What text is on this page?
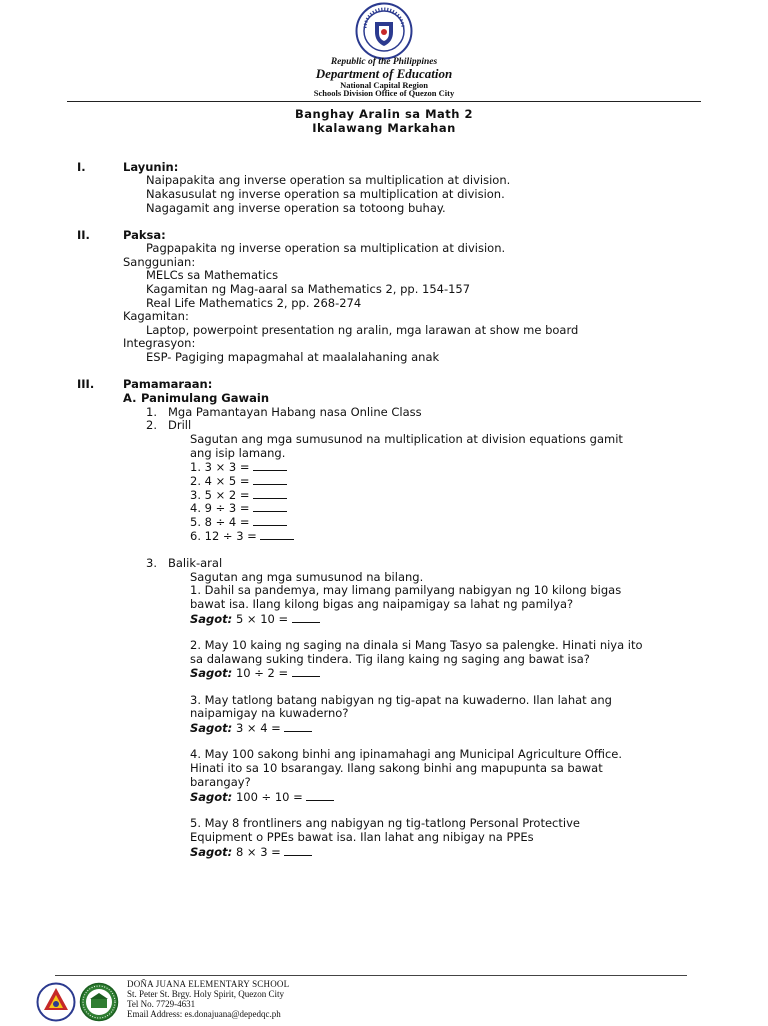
Republic of the Philippines
Department of Education
National Capital Region
Schools Division Office of Quezon City
Banghay Aralin sa Math 2
Ikalawang Markahan
I.	Layunin:
Naipapakita ang inverse operation sa multiplication at division.
Nakasusulat ng inverse operation sa multiplication at division.
Nagagamit ang inverse operation sa totoong buhay.
II.	Paksa:
Pagpapakita ng inverse operation sa multiplication at division.
Sanggunian:
MELCs sa Mathematics
Kagamitan ng Mag-aaral sa Mathematics 2, pp. 154-157
Real Life Mathematics 2, pp. 268-274
Kagamitan:
Laptop, powerpoint presentation ng aralin, mga larawan at show me board
Integrasyon:
ESP- Pagiging mapagmahal at maalalahaning anak
III.	Pamamaraan:
A. Panimulang Gawain
1. Mga Pamantayan Habang nasa Online Class
2. Drill
Sagutan ang mga sumusunod na multiplication at division equations gamit
ang isip lamang.
1. 3 × 3 =
2. 4 × 5 =
3. 5 × 2 =
4. 9 ÷ 3 =
5. 8 ÷ 4 =
6. 12 ÷ 3 =
3. Balik-aral
Sagutan ang mga sumusunod na bilang.
1. Dahil sa pandemya, may limang pamilyang nabigyan ng 10 kilong bigas
bawat isa. Ilang kilong bigas ang naipamigay sa lahat ng pamilya?
Sagot: 5 × 10 =
2. May 10 kaing ng saging na dinala si Mang Tasyo sa palengke. Hinati niya ito
sa dalawang suking tindera. Tig ilang kaing ng saging ang bawat isa?
Sagot: 10 ÷ 2 =
3. May tatlong batang nabigyan ng tig-apat na kuwaderno. Ilan lahat ang
naipamigay na kuwaderno?
Sagot: 3 × 4 =
4. May 100 sakong binhi ang ipinamahagi ang Municipal Agriculture Office.
Hinati ito sa 10 bsarangay. Ilang sakong binhi ang mapupunta sa bawat
barangay?
Sagot: 100 ÷ 10 =
5. May 8 frontliners ang nabigyan ng tig-tatlong Personal Protective
Equipment o PPEs bawat isa. Ilan lahat ang nibigay na PPEs
Sagot: 8 × 3 =
DOÑA JUANA ELEMENTARY SCHOOL
St. Peter St. Brgy. Holy Spirit, Quezon City
Tel No. 7729-4631
Email Address: es.donajuana@depedqc.ph
